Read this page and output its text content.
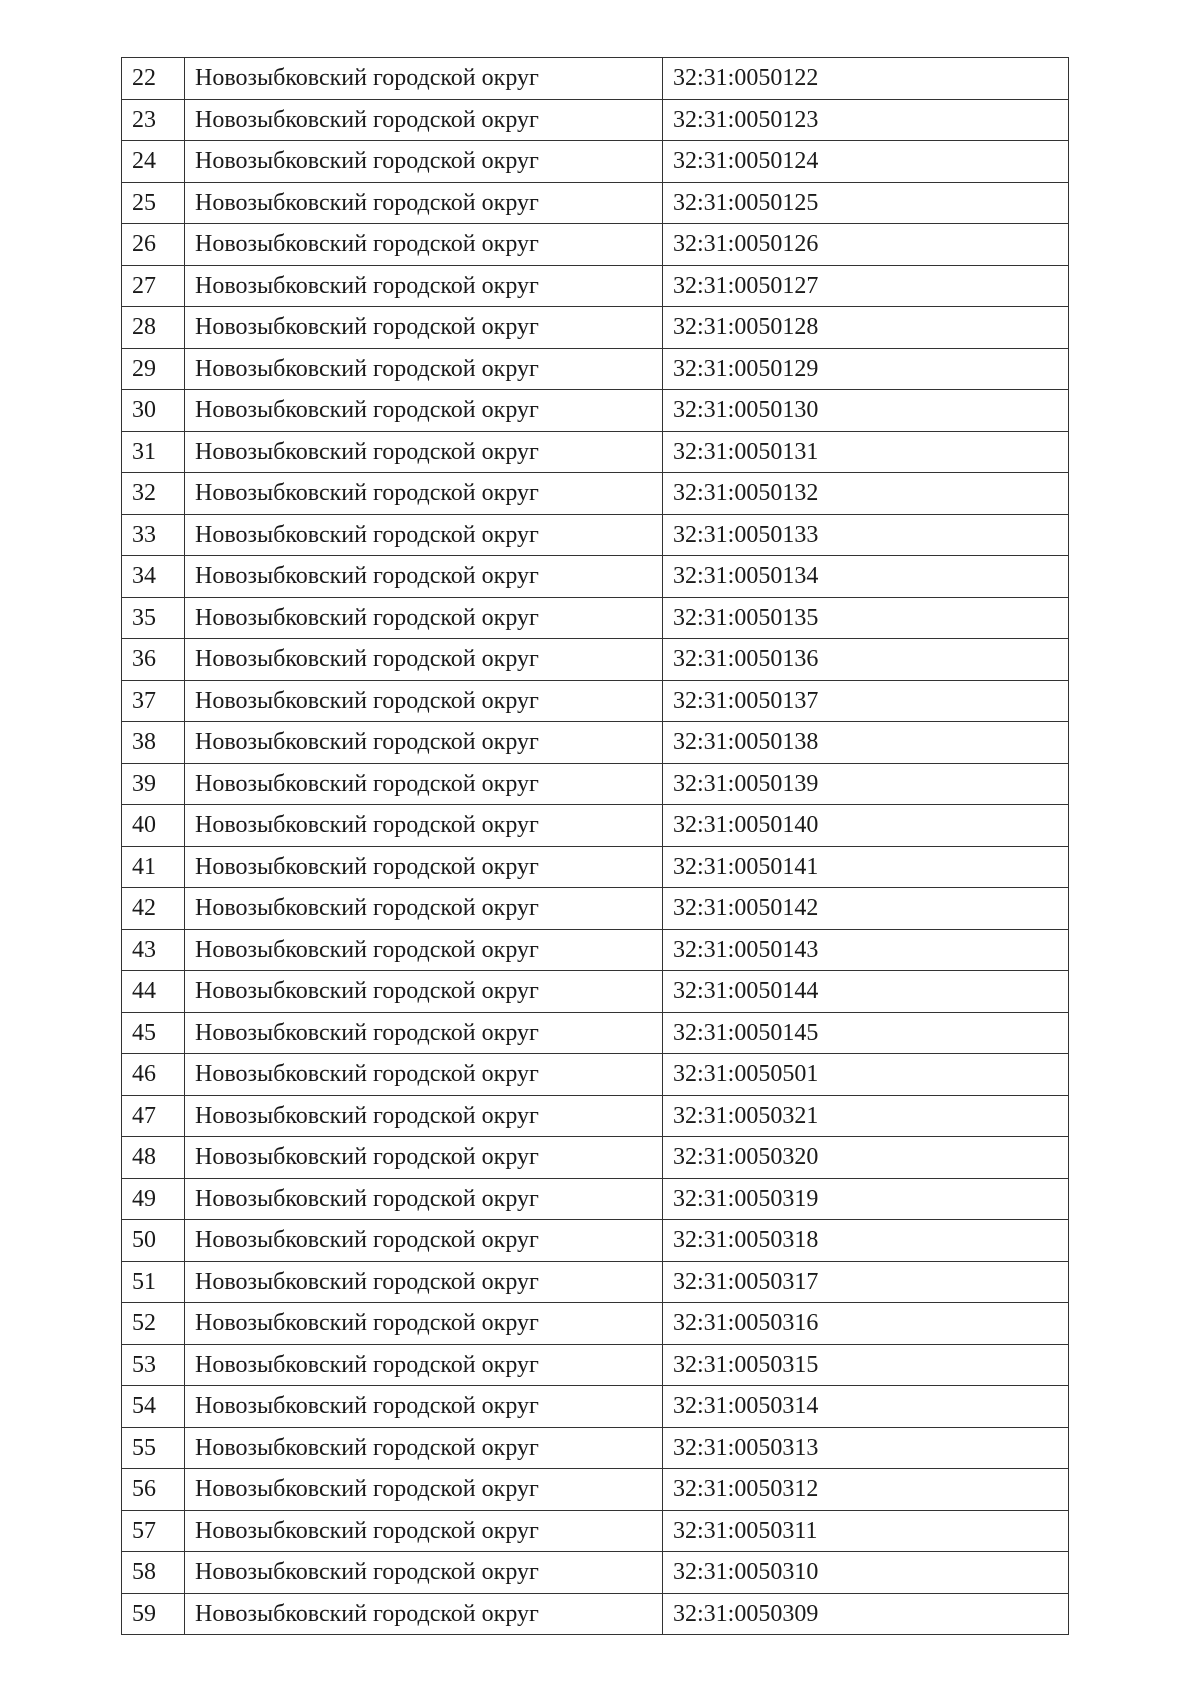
22	Новозыбковский городской округ	32:31:0050122
23	Новозыбковский городской округ	32:31:0050123
24	Новозыбковский городской округ	32:31:0050124
25	Новозыбковский городской округ	32:31:0050125
26	Новозыбковский городской округ	32:31:0050126
27	Новозыбковский городской округ	32:31:0050127
28	Новозыбковский городской округ	32:31:0050128
29	Новозыбковский городской округ	32:31:0050129
30	Новозыбковский городской округ	32:31:0050130
31	Новозыбковский городской округ	32:31:0050131
32	Новозыбковский городской округ	32:31:0050132
33	Новозыбковский городской округ	32:31:0050133
34	Новозыбковский городской округ	32:31:0050134
35	Новозыбковский городской округ	32:31:0050135
36	Новозыбковский городской округ	32:31:0050136
37	Новозыбковский городской округ	32:31:0050137
38	Новозыбковский городской округ	32:31:0050138
39	Новозыбковский городской округ	32:31:0050139
40	Новозыбковский городской округ	32:31:0050140
41	Новозыбковский городской округ	32:31:0050141
42	Новозыбковский городской округ	32:31:0050142
43	Новозыбковский городской округ	32:31:0050143
44	Новозыбковский городской округ	32:31:0050144
45	Новозыбковский городской округ	32:31:0050145
46	Новозыбковский городской округ	32:31:0050501
47	Новозыбковский городской округ	32:31:0050321
48	Новозыбковский городской округ	32:31:0050320
49	Новозыбковский городской округ	32:31:0050319
50	Новозыбковский городской округ	32:31:0050318
51	Новозыбковский городской округ	32:31:0050317
52	Новозыбковский городской округ	32:31:0050316
53	Новозыбковский городской округ	32:31:0050315
54	Новозыбковский городской округ	32:31:0050314
55	Новозыбковский городской округ	32:31:0050313
56	Новозыбковский городской округ	32:31:0050312
57	Новозыбковский городской округ	32:31:0050311
58	Новозыбковский городской округ	32:31:0050310
59	Новозыбковский городской округ	32:31:0050309
